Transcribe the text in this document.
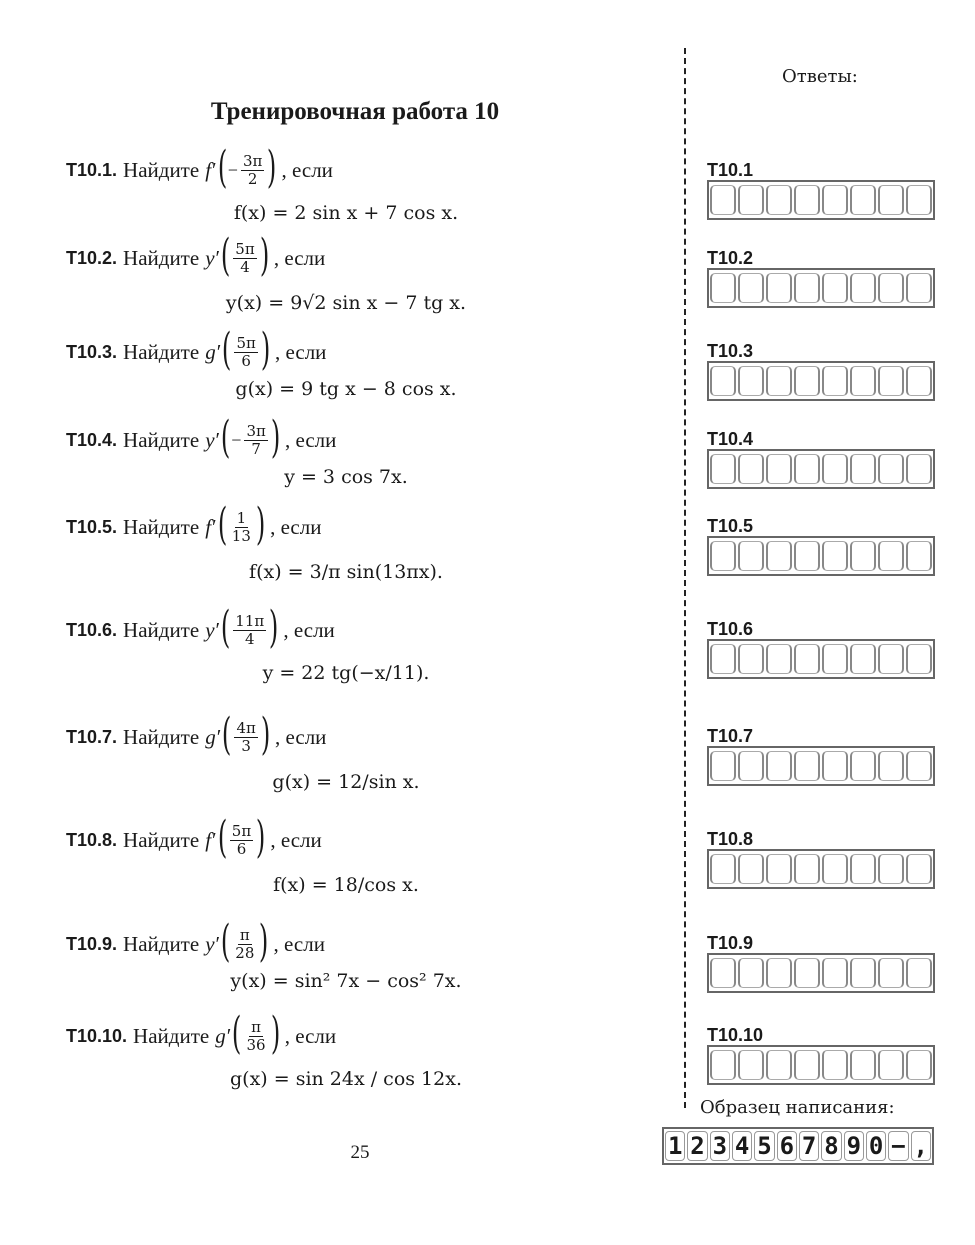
Тренировочная работа 10
T10.1. Найдите f ′ ( − $\frac{3\pi}{2}$ ) , если
f(x) = 2 sin x + 7 cos x.
T10.2. Найдите y ′ ( $\frac{5\pi}{4}$ ) , если
y(x) = 9√2 sin x − 7 tg x.
T10.3. Найдите g ′ ( $\frac{5\pi}{6}$ ) , если
g(x) = 9 tg x − 8 cos x.
T10.4. Найдите y ′ ( − $\frac{3\pi}{7}$ ) , если
y = 3 cos 7x.
T10.5. Найдите f ′ ( $\frac{1}{13}$ ) , если
f(x) = 3/π sin(13πx).
T10.6. Найдите y ′ ( $\frac{11\pi}{4}$ ) , если
y = 22 tg(−x/11).
T10.7. Найдите g ′ ( $\frac{4\pi}{3}$ ) , если
g(x) = 12/sin x.
T10.8. Найдите f ′ ( $\frac{5\pi}{6}$ ) , если
f(x) = 18/cos x.
T10.9. Найдите y ′ ( $\frac{\pi}{28}$ ) , если
y(x) = sin² 7x − cos² 7x.
T10.10. Найдите g ′ ( $\frac{\pi}{36}$ ) , если
g(x) = sin 24x / cos 12x.
Ответы:
T10.1
T10.2
T10.3
T10.4
T10.5
T10.6
T10.7
T10.8
T10.9
T10.10
Образец написания:
1 2 3 4 5 6 7 8 9 0 − ,
25
